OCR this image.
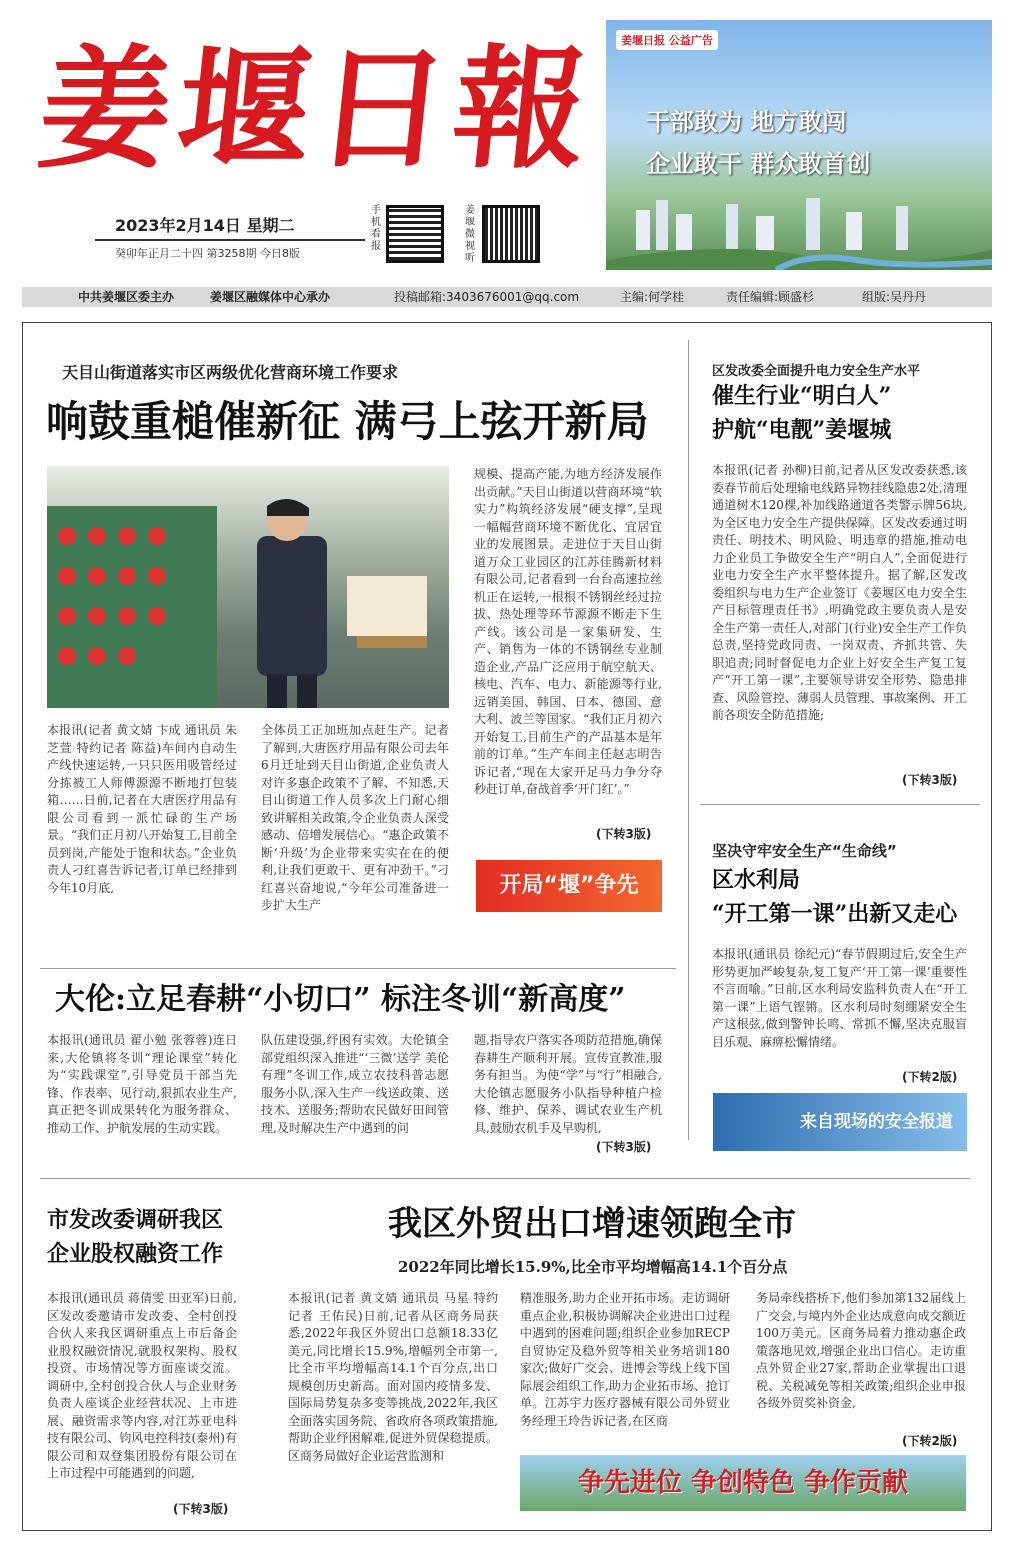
姜堰日報
2023年2月14日 星期二
癸卯年正月二十四 第3258期 今日8版
手机看报
姜堰微视听
姜堰日报 公益广告
干部敢为 地方敢闯
企业敢干 群众敢首创
中共姜堰区委主办	姜堰区融媒体中心承办	投稿邮箱:3403676001@qq.com	主编:何学桂	责任编辑:顾盛杉	组版:吴丹丹
天目山街道落实市区两级优化营商环境工作要求
响鼓重槌催新征 满弓上弦开新局
本报讯(记者 黄文婧 卞成 通讯员 朱芝萱 特约记者 陈益)车间内自动生产线快速运转,一只只医用吸管经过分拣被工人师傅源源不断地打包装箱……日前,记者在大唐医疗用品有限公司看到一派忙碌的生产场景。“我们正月初八开始复工,目前全员到岗,产能处于饱和状态。”企业负责人刁红喜告诉记者,订单已经排到今年10月底,
全体员工正加班加点赶生产。记者了解到,大唐医疗用品有限公司去年6月迁址到天目山街道,企业负责人对许多惠企政策不了解、不知悉,天目山街道工作人员多次上门耐心细致讲解相关政策,令企业负责人深受感动、倍增发展信心。“惠企政策不断‘升级’为企业带来实实在在的便利,让我们更敢干、更有冲劲干。”刁红喜兴奋地说,“今年公司准备进一步扩大生产
规模、提高产能,为地方经济发展作出贡献。”天目山街道以营商环境“软实力”构筑经济发展“硬支撑”,呈现一幅幅营商环境不断优化、宜居宜业的发展图景。走进位于天目山街道万众工业园区的江苏佳腾新材料有限公司,记者看到一台台高速拉丝机正在运转,一根根不锈钢丝经过拉拔、热处理等环节源源不断走下生产线。该公司是一家集研发、生产、销售为一体的不锈钢丝专业制造企业,产品广泛应用于航空航天、核电、汽车、电力、新能源等行业,远销美国、韩国、日本、德国、意大利、波兰等国家。“我们正月初六开始复工,目前生产的产品基本是年前的订单。”生产车间主任赵志明告诉记者,“现在大家开足马力争分夺秒赶订单,奋战首季‘开门红’。”
(下转3版)
开局“堰”争先
区发改委全面提升电力安全生产水平
催生行业“明白人”
护航“电靓”姜堰城
本报讯(记者 孙柳)日前,记者从区发改委获悉,该委春节前后处理输电线路异物挂线隐患2处,清理通道树木120棵,补加线路通道各类警示牌56块,为全区电力安全生产提供保障。区发改委通过明责任、明技术、明风险、明违章的措施,推动电力企业员工争做安全生产“明白人”,全面促进行业电力安全生产水平整体提升。据了解,区发改委组织与电力生产企业签订《姜堰区电力安全生产目标管理责任书》,明确党政主要负责人是安全生产第一责任人,对部门(行业)安全生产工作负总责,坚持党政同责、一岗双责、齐抓共管、失职追责;同时督促电力企业上好安全生产复工复产“开工第一课”,主要领导讲安全形势、隐患排查、风险管控、薄弱人员管理、事故案例、开工前各项安全防范措施;
(下转3版)
坚决守牢安全生产“生命线”
区水利局
“开工第一课”出新又走心
本报讯(通讯员 徐纪元)“春节假期过后,安全生产形势更加严峻复杂,复工复产‘开工第一课’重要性不言而喻。”日前,区水利局安监科负责人在“开工第一课”上语气铿锵。区水利局时刻绷紧安全生产这根弦,做到警钟长鸣、常抓不懈,坚决克服盲目乐观、麻痹松懈情绪。
(下转2版)
来自现场的安全报道
大伦:立足春耕“小切口” 标注冬训“新高度”
本报讯(通讯员 翟小勉 张蓉蓉)连日来,大伦镇将冬训“理论课堂”转化为“实践课堂”,引导党员干部当先锋、作表率、见行动,狠抓农业生产,真正把冬训成果转化为服务群众、推动工作、护航发展的生动实践。
队伍建设强,纾困有实效。大伦镇全部党组织深入推进“‘三微’送学 美伦有理”冬训工作,成立农技科普志愿服务小队,深入生产一线送政策、送技术、送服务;帮助农民做好田间管理,及时解决生产中遇到的问
题,指导农户落实各项防范措施,确保春耕生产顺利开展。宣传宣教准,服务有担当。为使“学”与“行”相融合,大伦镇志愿服务小队指导种植户检修、维护、保养、调试农业生产机具,鼓励农机手及早购机,
(下转3版)
市发改委调研我区
企业股权融资工作
本报讯(通讯员 蒋倩雯 田亚军)日前,区发改委邀请市发改委、全村创投合伙人来我区调研重点上市后备企业股权融资情况,就股权架构、股权投资、市场情况等方面座谈交流。调研中,全村创投合伙人与企业财务负责人座谈企业经营状况、上市进展、融资需求等内容,对江苏亚电科技有限公司、钧风电控科技(泰州)有限公司和双登集团股份有限公司在上市过程中可能遇到的问题,
(下转3版)
我区外贸出口增速领跑全市
2022年同比增长15.9%,比全市平均增幅高14.1个百分点
本报讯(记者 黄文婧 通讯员 马星 特约记者 王佑民)日前,记者从区商务局获悉,2022年我区外贸出口总额18.33亿美元,同比增长15.9%,增幅列全市第一,比全市平均增幅高14.1个百分点,出口规模创历史新高。面对国内疫情多发、国际局势复杂多变等挑战,2022年,我区全面落实国务院、省政府各项政策措施,帮助企业纾困解难,促进外贸保稳提质。区商务局做好企业运营监测和
精准服务,助力企业开拓市场。走访调研重点企业,积极协调解决企业进出口过程中遇到的困难问题;组织企业参加RECP自贸协定及稳外贸等相关业务培训180家次;做好广交会、进博会等线上线下国际展会组织工作,助力企业拓市场、抢订单。江苏宇力医疗器械有限公司外贸业务经理王玲告诉记者,在区商
务局牵线搭桥下,他们参加第132届线上广交会,与境内外企业达成意向成交额近100万美元。区商务局着力推动惠企政策落地见效,增强企业出口信心。走访重点外贸企业27家,帮助企业掌握出口退税、关税减免等相关政策;组织企业申报各级外贸奖补资金,
(下转2版)
争先进位 争创特色 争作贡献
